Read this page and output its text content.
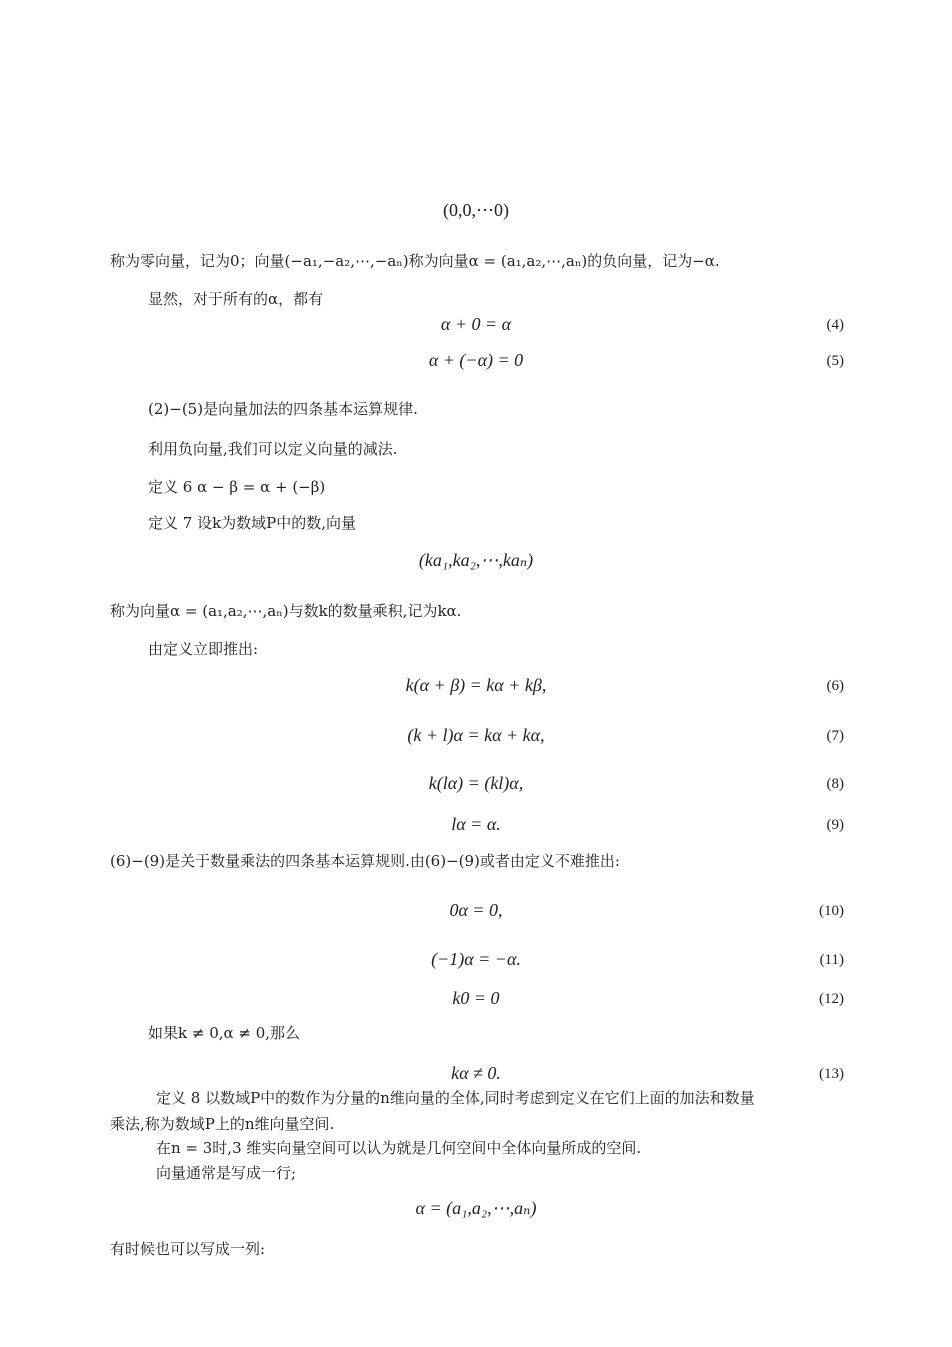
(0,0,⋯0)
称为零向量，记为0；向量(−a₁,−a₂,⋯,−aₙ)称为向量α = (a₁,a₂,⋯,aₙ)的负向量，记为−α.
显然，对于所有的α，都有
α + 0 = α	(4)
α + (−α) = 0	(5)
(2)−(5)是向量加法的四条基本运算规律.
利用负向量,我们可以定义向量的减法.
定义 6 α − β = α + (−β)
定义 7 设k为数域P中的数,向量
(ka₁,ka₂,⋯,kaₙ)
称为向量α = (a₁,a₂,⋯,aₙ)与数k的数量乘积,记为kα.
由定义立即推出:
k(α + β) = kα + kβ,	(6)
(k + l)α = kα + kα,	(7)
k(lα) = (kl)α,	(8)
lα = α.	(9)
(6)−(9)是关于数量乘法的四条基本运算规则.由(6)−(9)或者由定义不难推出:
0α = 0,	(10)
(−1)α = −α.	(11)
k0 = 0	(12)
如果k ≠ 0,α ≠ 0,那么
kα ≠ 0.	(13)
定义 8 以数域P中的数作为分量的n维向量的全体,同时考虑到定义在它们上面的加法和数量
乘法,称为数域P上的n维向量空间.
在n = 3时,3 维实向量空间可以认为就是几何空间中全体向量所成的空间.
向量通常是写成一行;
α = (a₁,a₂,⋯,aₙ)
有时候也可以写成一列:
